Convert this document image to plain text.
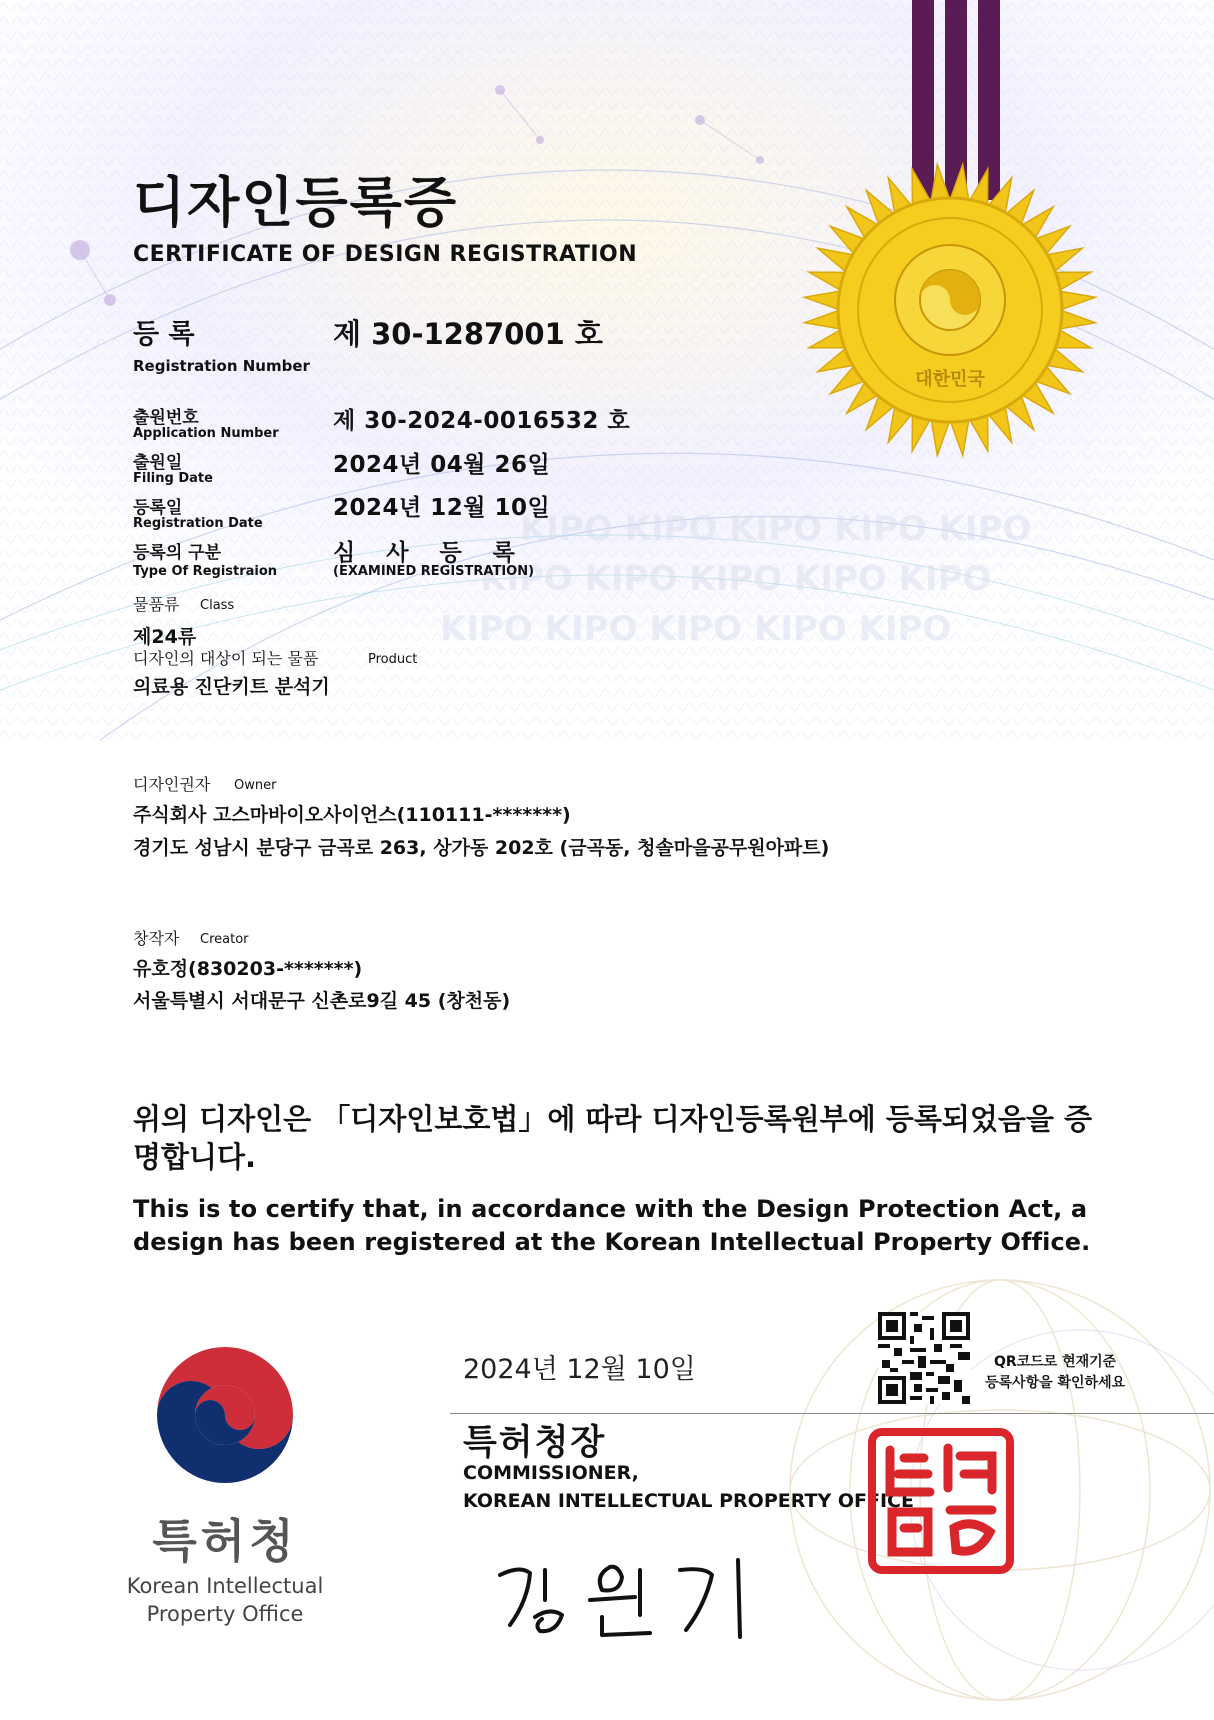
KIPO KIPO KIPO KIPO KIPO
KIPO KIPO KIPO KIPO KIPO
KIPO KIPO KIPO KIPO KIPO
대한민국
디자인등록증
CERTIFICATE OF DESIGN REGISTRATION
등 록
Registration Number
제 30-1287001 호
출원번호
Application Number 제 30-2024-0016532 호
출원일
Filing Date
2024년 04월 26일
등록일
Registration Date
2024년 12월 10일
등록의 구분
Type Of Registraion
심 사 등 록
(EXAMINED REGISTRATION)
물품류 Class
제24류
디자인의 대상이 되는 물품	Product
의료용 진단키트 분석기
디자인권자 Owner
주식회사 고스마바이오사이언스(110111-*******)
경기도 성남시 분당구 금곡로 263, 상가동 202호 (금곡동, 청솔마을공무원아파트)
창작자 Creator
유호정(830203-*******)
서울특별시 서대문구 신촌로9길 45 (창천동)
위의 디자인은 「디자인보호법」에 따라 디자인등록원부에 등록되었음을 증명합니다.
This is to certify that, in accordance with the Design Protection Act, a design has been registered at the Korean Intellectual Property Office.
특허청
Korean Intellectual Property Office
2024년 12월 10일	QR코드로 현재기준
등록사항을 확인하세요
특허청장
COMMISSIONER,
KOREAN INTELLECTUAL PROPERTY OFFICE
